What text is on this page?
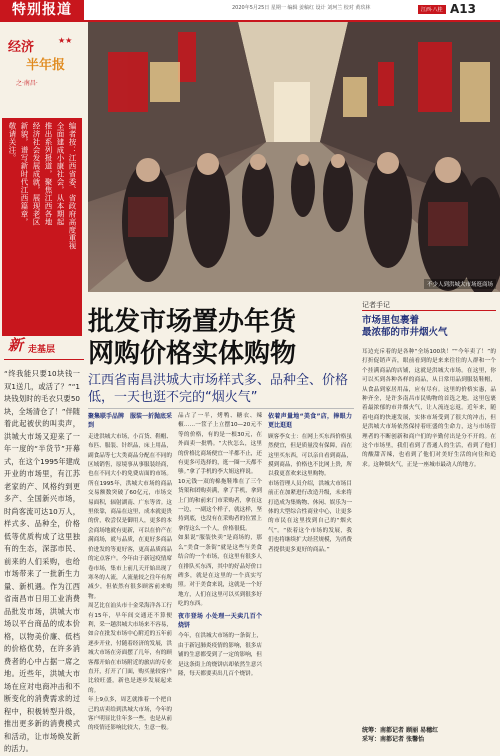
特别报道	2020年5月25日 星期一 编辑 姜稿红 设计 刘珂兰 校对 黄玖林	江西·八桂 A13
经济
半年报
之·南昌·
★★
编者按：江西省委、省政府高度重视
全面建成小康社会，从本期起
推出系列报道，聚焦江西各地
经济社会发展成就，展现老区
新貌，谱写新时代江西篇章，
敬请关注。
新 走基层
“终我能只要10块钱一双1送几，或活了？”“1块钱划时的毛衣只要50块，全场清仓了！”伴随着此起被伏的叫卖声，洪城大市场又迎来了一年一度的“半货节”开幕式，在这个1995年建成开业的市场里，有江苏老家的产、风格约到更多产、全国新兴市场，时尚客流可达10万人，样式多、品种全，价格低等优质构成了这里独有的生态，深部市民、前来的人们采购，也给市场带来了一批新生力量、新机遇。作为江西省南昌市日用工业消费品批发市场，洪城大市场以平台商品的成本价格，以物美价廉、低档的价格优势，在许多消费者的心中占据一席之地。近些年，洪城大市场在应对电商冲击和不断变化的消费需求的过程中，积极转型升级，推出更多新的消费模式和活动，让市场焕发新的活力。
不少人到洪城大市场逛商场
批发市场置办年货
网购价格实体购物
江西省南昌洪城大市场样式多、品种全、价格低，一天也逛不完的“烟火气”
聚集联手品牌　服装一折抛底采到
走进洪城大市场，小百货、鞋帽、布匹、服装、针织品，床上用品，副食品等七大类商品分配在不同的区域销售，原境事从事服装经商，也在不同大小的免费店面的市场。所在1995年，洪城大市场的商品交易额数突破了60亿元，市场交易面积，辐射湖南、广东等省。这里依靠，商品在这里，成本就更贵的价，收尝仅是御用人，更多的本会商场地就有更新，可以在价产在满商场，就与品质，在更好多商品价进发的等更好客，更高品质商品的定点客户。今年由于新冠疫情席卷市场，集市上前几天开始出现了寒冬的人流，人流量较之往年有所减少，但依然有很多顾客前来购物。
周艺比在汕头市十金采海洋各工行有15年，早年间交通还不算便利，采一趟洪城大市场来不容易，如合在批发市场中心附近的五年前逐步开业，付随着经济的发展，洪城大市场在旁面摆了几年，有的顾客都开始在市场附近的旅店的专业直开，打开了门面，购买量较客户比较旺盛，新也是逐步发展起来的。
年上9点多，周艺就推着一个把自己的店卖给到洪城大市场，今年的客户明显比往年多一些。也是从前的疫情还影响比较大，生意一般。
品占了一半，烤鸭、糖衣、辣椒……一筐子上立摆10—20元不等的价格，有的是一根30元，在外面卖一批鸭。“大伙怎么，这里的价格比商场便宜一半都不止，还有更多可选择的，逛一圈一天都不够。”拿了手机的李大姐这样说。
10元钱一双的棉拖鞋堆在了三个货架和团购卖满，拿了手机，拿到上门的和前来门市采购者，拿在这一边，一副这个样子，就这样，坚持到底，也没有在采购者的位置上拿得这么一个人，价格很低。
如果说“服装快卖”是商场的，那么“美食一条街”就是这些与美食结合的一个市场，在这里有很多人在排队买东西，其中的好品好价口碑多，就是在这里的一个真实写照。对于美食来说，这就是一个好地方，人们在这里可以买到很多好吃的东西。
夜市登场 小处理一天卖几百个烧饼
今年，在洪城大市场的一条街上，由于新冠肺炎疫情的影响，很多店铺的生意都受到了一定的影响，但是这条街上的烧饼店却依然生意兴隆，每天都要卖出几百个烧饼。
依着声量地“美食”店，捧眼力更比逛逛
顾客李女士：在网上买东西价格虽然便宜，但是质量没有保障，而在这里买东西，可以亲自看到商品，摸到商品，价格也不比网上贵，所以我更喜欢来这里购物。
市场管理人员介绍，洪城大市场目前正在加紧进行改造升级，未来将打造成为集购物、休闲、娱乐为一体的大型综合性商业中心，让更多的市民在这里找到自己的“烟火气”。“依着这个市场的发展，我们也将继续扩大经营规模，为消费者提供更多更好的商品。”
记者手记
市场里包裹着
最浓郁的市井烟火气
耳边充斥着的是各种“全场100块！”“今年卖了！”的打折促销声音，眼前看到的是来来往往的人群和一个个挂满商品的店铺，这就是洪城大市场。在这里，你可以买到各种各样的商品，从日常用品到服装鞋帽，从食品到家居用品，应有尽有。这里的价格实惠，品种齐全，是许多南昌市民购物的首选之地。这里包裹着最浓郁的市井烟火气，让人流连忘返。近年来，随着电商的快速发展，实体市场受到了很大的冲击，但是洪城大市场依然保持着旺盛的生命力，这与市场管理者的不断创新和商户们的辛勤付出是分不开的。在这个市场里，我们看到了普通人的生活，看到了他们的酸甜苦辣，也看到了他们对美好生活的向往和追求。这种烟火气，正是一座城市最动人的地方。
统筹：南都记者 顾丽 易穗红
采写：南都记者 张馨怡
